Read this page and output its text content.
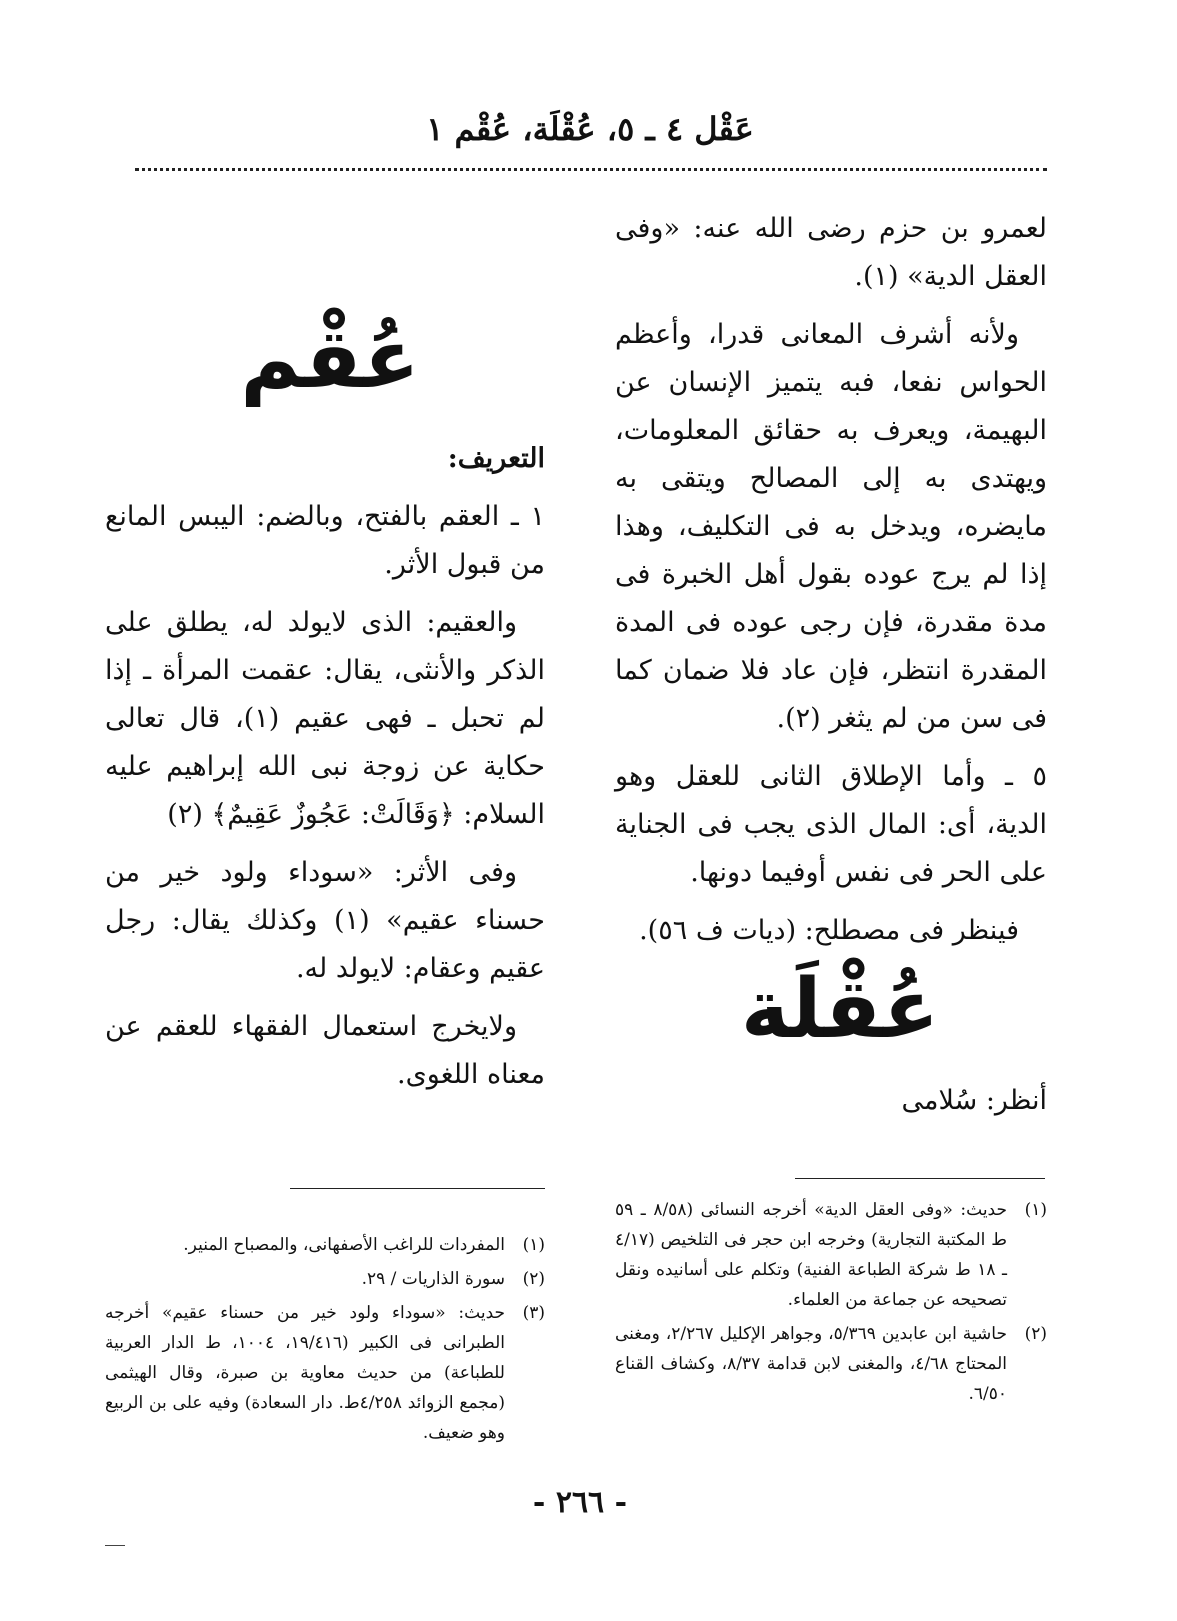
عَقْل ٤ ـ ٥، عُقْلَة، عُقْم ١

لعمرو بن حزم رضى الله عنه: «وفى العقل الدية» (١).

ولأنه أشرف المعانى قدرا، وأعظم الحواس نفعا، فبه يتميز الإنسان عن البهيمة، ويعرف به حقائق المعلومات، ويهتدى به إلى المصالح ويتقى به مايضره، ويدخل به فى التكليف، وهذا إذا لم يرج عوده بقول أهل الخبرة فى مدة مقدرة، فإن رجى عوده فى المدة المقدرة انتظر، فإن عاد فلا ضمان كما فى سن من لم يثغر (٢).

٥ ـ وأما الإطلاق الثانى للعقل وهو الدية، أى: المال الذى يجب فى الجناية على الحر فى نفس أوفيما دونها.

فينظر فى مصطلح: (ديات ف ٥٦).

عُقْلَة
أنظر: سُلامى
عُقْم

التعريف:

١ ـ العقم بالفتح، وبالضم: اليبس المانع من قبول الأثر.

والعقيم: الذى لايولد له، يطلق على الذكر والأنثى، يقال: عقمت المرأة ـ إذا لم تحبل ـ فهى عقيم (١)، قال تعالى حكاية عن زوجة نبى الله إبراهيم عليه السلام: ﴿وَقَالَتْ: عَجُوزٌ عَقِيمٌ﴾ (٢)

وفى الأثر: «سوداء ولود خير من حسناء عقيم» (١) وكذلك يقال: رجل عقيم وعقام: لايولد له.

ولايخرج استعمال الفقهاء للعقم عن معناه اللغوى.

(١)
حديث: «وفى العقل الدية» أخرجه النسائى (٨/٥٨ ـ ٥٩ ط المكتبة التجارية) وخرجه ابن حجر فى التلخيص (٤/١٧ ـ ١٨ ط شركة الطباعة الفنية) وتكلم على أسانيده ونقل تصحيحه عن جماعة من العلماء.
(٢)
حاشية ابن عابدين ٥/٣٦٩، وجواهر الإكليل ٢/٢٦٧، ومغنى المحتاج ٤/٦٨، والمغنى لابن قدامة ٨/٣٧، وكشاف القناع ٦/٥٠.
(١)
المفردات للراغب الأصفهانى، والمصباح المنير.
(٢)
سورة الذاريات / ٢٩.
(٣)
حديث: «سوداء ولود خير من حسناء عقيم» أخرجه الطبرانى فى الكبير (١٩/٤١٦، ١٠٠٤، ط الدار العربية للطباعة) من حديث معاوية بن صبرة، وقال الهيثمى (مجمع الزوائد ٤/٢٥٨ط. دار السعادة) وفيه على بن الربيع وهو ضعيف.
- ٢٦٦ -
